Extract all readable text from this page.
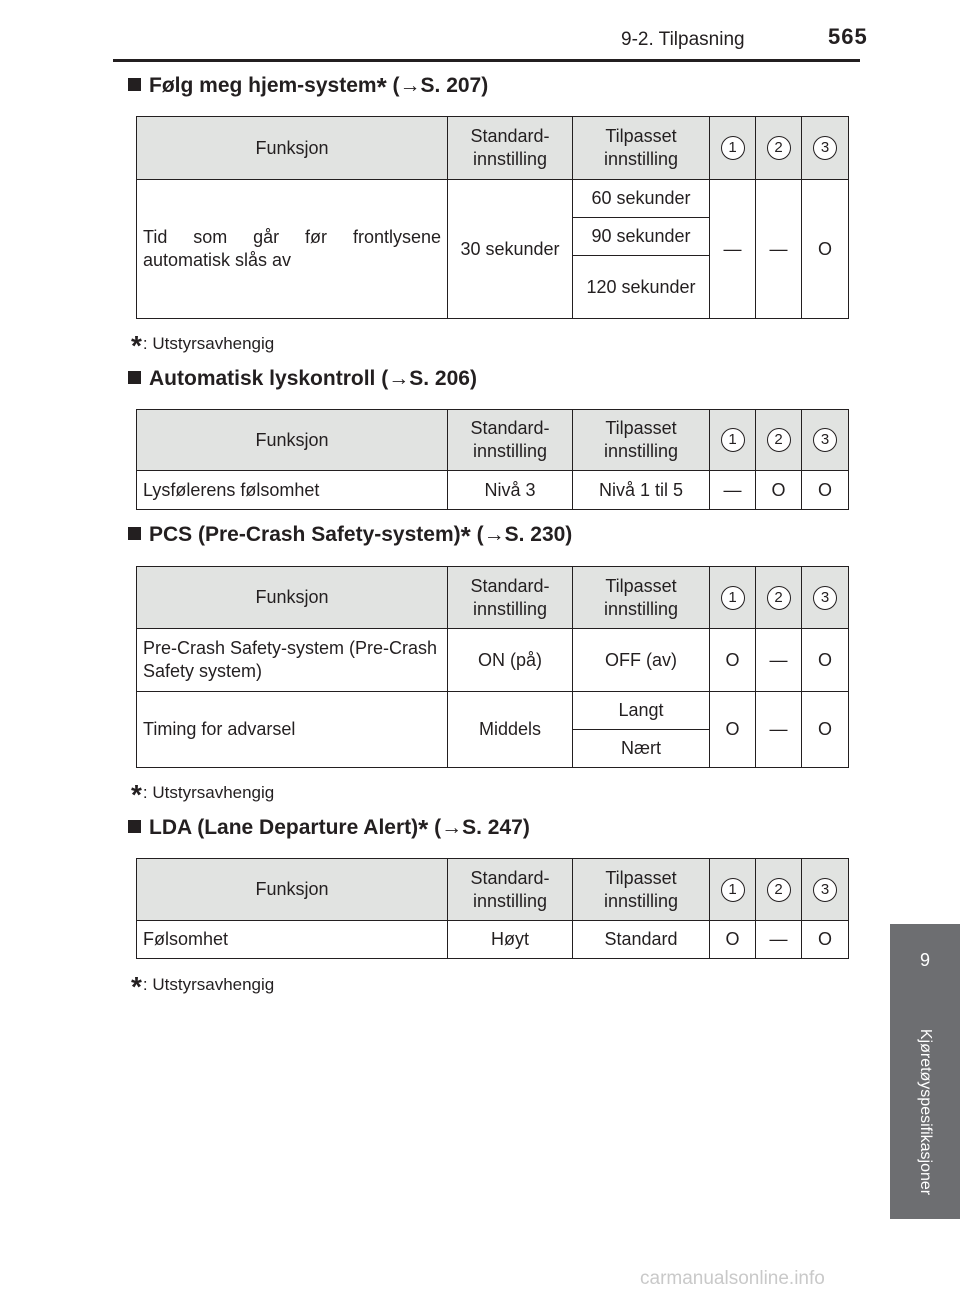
9-2. Tilpasning	565
9
Kjøretøyspesifikasjoner
Følg meg hjem-system* (→S. 207)
Funksjon	Standard-innstilling	Tilpasset innstilling	1	2	3
Tid som går før frontlysene automatisk slås av	30 sekunder	60 sekunder	—	—	O
		90 sekunder			
		120 sekunder			
*: Utstyrsavhengig
Automatisk lyskontroll (→S. 206)
Funksjon	Standard-innstilling	Tilpasset innstilling	1	2	3
Lysfølerens følsomhet	Nivå 3	Nivå 1 til 5	—	O	O
PCS (Pre-Crash Safety-system)* (→S. 230)
Funksjon	Standard-innstilling	Tilpasset innstilling	1	2	3
Pre-Crash Safety-system (Pre-Crash Safety system)	ON (på)	OFF (av)	O	—	O
Timing for advarsel	Middels	Langt	O	—	O
		Nært			
*: Utstyrsavhengig
LDA (Lane Departure Alert)* (→S. 247)
Funksjon	Standard-innstilling	Tilpasset innstilling	1	2	3
Følsomhet	Høyt	Standard	O	—	O
*: Utstyrsavhengig
carmanualsonline.info
